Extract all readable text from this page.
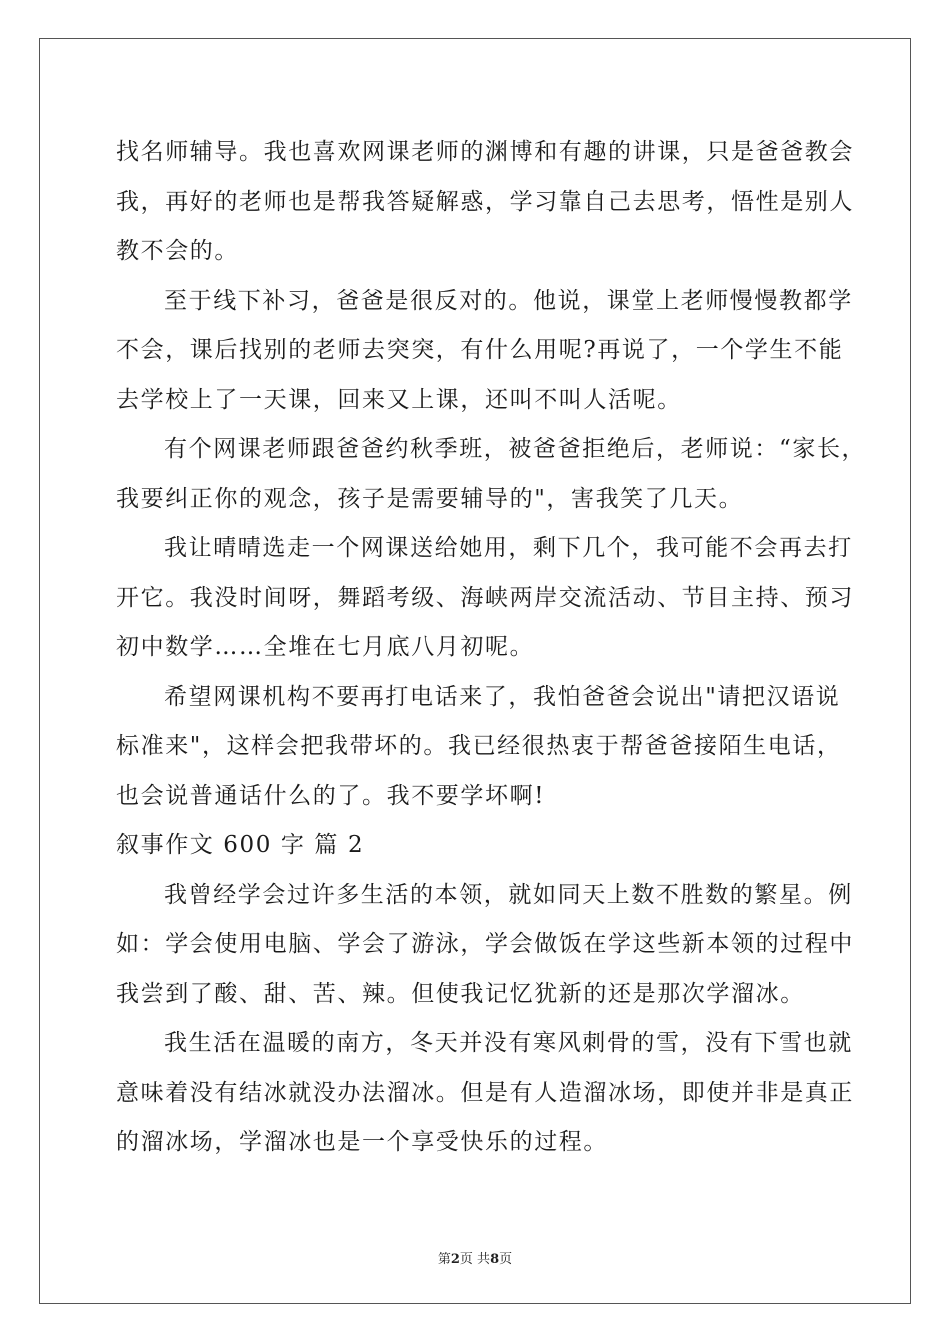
找名师辅导。我也喜欢网课老师的渊博和有趣的讲课，只是爸爸教会
我，再好的老师也是帮我答疑解惑，学习靠自己去思考，悟性是别人
教不会的。
至于线下补习，爸爸是很反对的。他说，课堂上老师慢慢教都学
不会，课后找别的老师去突突，有什么用呢?再说了，一个学生不能
去学校上了一天课，回来又上课，还叫不叫人活呢。
有个网课老师跟爸爸约秋季班，被爸爸拒绝后，老师说：“家长，
我要纠正你的观念，孩子是需要辅导的"，害我笑了几天。
我让晴晴选走一个网课送给她用，剩下几个，我可能不会再去打
开它。我没时间呀，舞蹈考级、海峡两岸交流活动、节目主持、预习
初中数学……全堆在七月底八月初呢。
希望网课机构不要再打电话来了，我怕爸爸会说出"请把汉语说
标准来"，这样会把我带坏的。我已经很热衷于帮爸爸接陌生电话，
也会说普通话什么的了。我不要学坏啊!
叙事作文 600 字 篇 2
我曾经学会过许多生活的本领，就如同天上数不胜数的繁星。例
如：学会使用电脑、学会了游泳，学会做饭在学这些新本领的过程中
我尝到了酸、甜、苦、辣。但使我记忆犹新的还是那次学溜冰。
我生活在温暖的南方，冬天并没有寒风刺骨的雪，没有下雪也就
意味着没有结冰就没办法溜冰。但是有人造溜冰场，即使并非是真正
的溜冰场，学溜冰也是一个享受快乐的过程。
第2页 共8页
